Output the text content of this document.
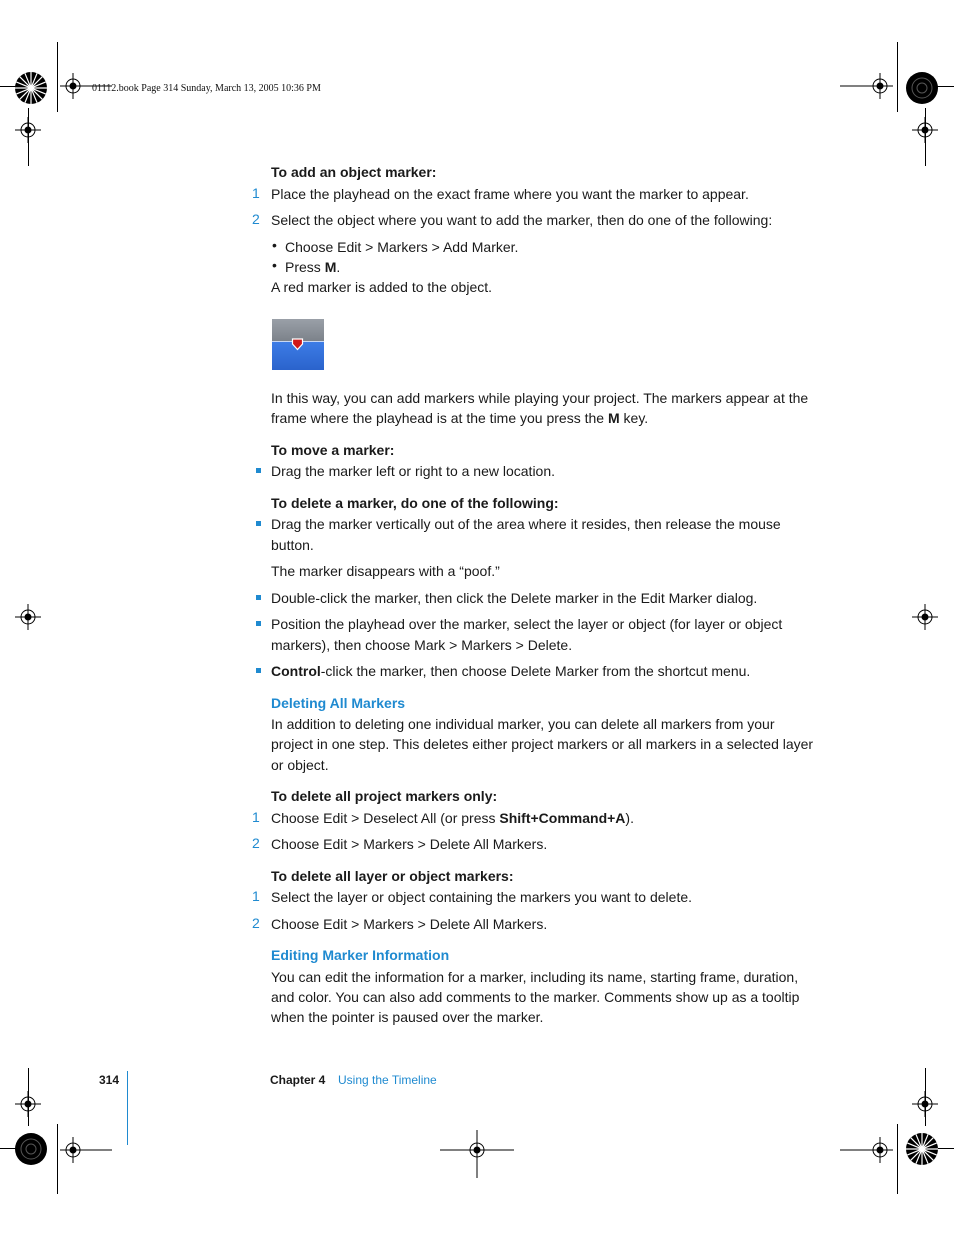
01112.book Page 314 Sunday, March 13, 2005 10:36 PM
To add an object marker:
1 Place the playhead on the exact frame where you want the marker to appear.
2 Select the object where you want to add the marker, then do one of the following:
• Choose Edit > Markers > Add Marker.
• Press M.
A red marker is added to the object.
In this way, you can add markers while playing your project. The markers appear at the
frame where the playhead is at the time you press the M key.
To move a marker:
Drag the marker left or right to a new location.
To delete a marker, do one of the following:
Drag the marker vertically out of the area where it resides, then release the mouse
button.
The marker disappears with a “poof.”
Double-click the marker, then click the Delete marker in the Edit Marker dialog.
Position the playhead over the marker, select the layer or object (for layer or object
markers), then choose Mark > Markers > Delete.
Control-click the marker, then choose Delete Marker from the shortcut menu.
Deleting All Markers
In addition to deleting one individual marker, you can delete all markers from your
project in one step. This deletes either project markers or all markers in a selected layer
or object.
To delete all project markers only:
1 Choose Edit > Deselect All (or press Shift+Command+A).
2 Choose Edit > Markers > Delete All Markers.
To delete all layer or object markers:
1 Select the layer or object containing the markers you want to delete.
2 Choose Edit > Markers > Delete All Markers.
Editing Marker Information
You can edit the information for a marker, including its name, starting frame, duration,
and color. You can also add comments to the marker. Comments show up as a tooltip
when the pointer is paused over the marker.
314	Chapter 4 Using the Timeline
